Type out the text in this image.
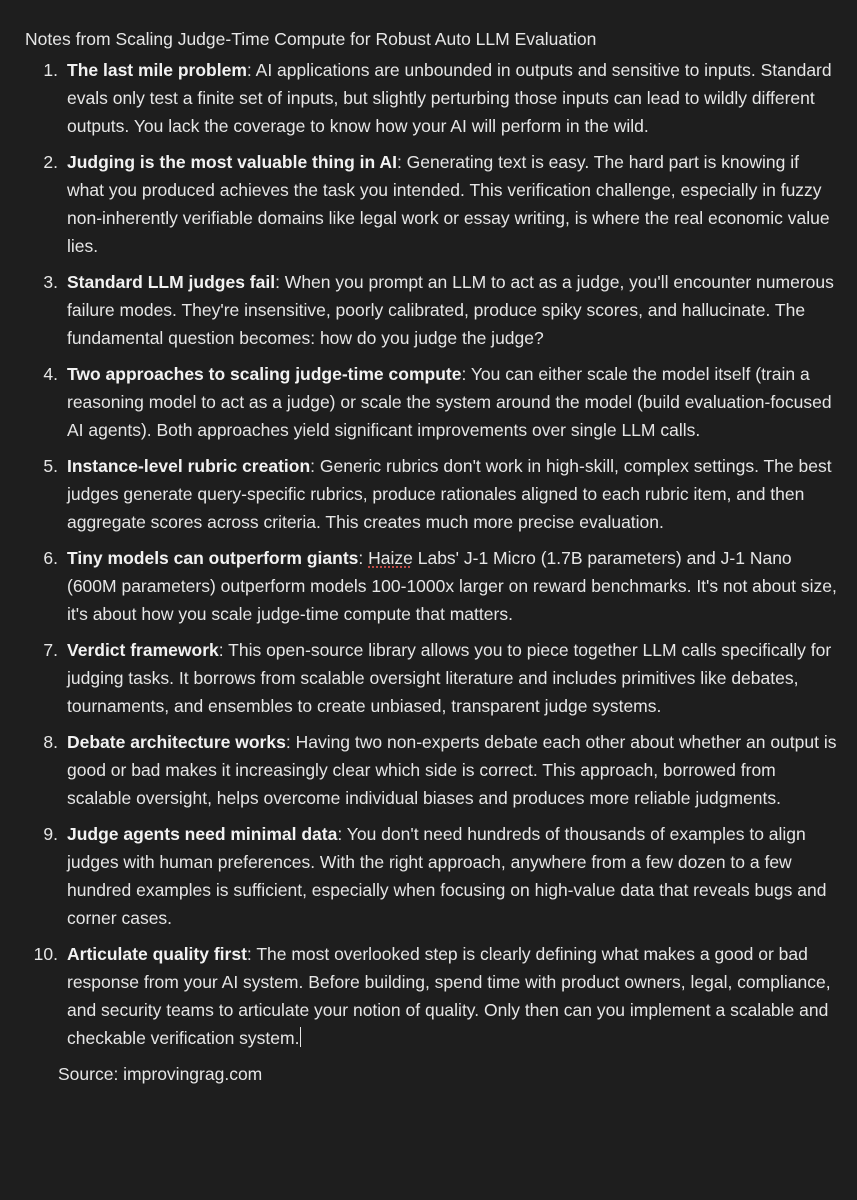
Notes from Scaling Judge-Time Compute for Robust Auto LLM Evaluation
1. The last mile problem: AI applications are unbounded in outputs and sensitive to inputs. Standard evals only test a finite set of inputs, but slightly perturbing those inputs can lead to wildly different outputs. You lack the coverage to know how your AI will perform in the wild.
2. Judging is the most valuable thing in AI: Generating text is easy. The hard part is knowing if what you produced achieves the task you intended. This verification challenge, especially in fuzzy non-inherently verifiable domains like legal work or essay writing, is where the real economic value lies.
3. Standard LLM judges fail: When you prompt an LLM to act as a judge, you'll encounter numerous failure modes. They're insensitive, poorly calibrated, produce spiky scores, and hallucinate. The fundamental question becomes: how do you judge the judge?
4. Two approaches to scaling judge-time compute: You can either scale the model itself (train a reasoning model to act as a judge) or scale the system around the model (build evaluation-focused AI agents). Both approaches yield significant improvements over single LLM calls.
5. Instance-level rubric creation: Generic rubrics don't work in high-skill, complex settings. The best judges generate query-specific rubrics, produce rationales aligned to each rubric item, and then aggregate scores across criteria. This creates much more precise evaluation.
6. Tiny models can outperform giants: Haize Labs' J-1 Micro (1.7B parameters) and J-1 Nano (600M parameters) outperform models 100-1000x larger on reward benchmarks. It's not about size, it's about how you scale judge-time compute that matters.
7. Verdict framework: This open-source library allows you to piece together LLM calls specifically for judging tasks. It borrows from scalable oversight literature and includes primitives like debates, tournaments, and ensembles to create unbiased, transparent judge systems.
8. Debate architecture works: Having two non-experts debate each other about whether an output is good or bad makes it increasingly clear which side is correct. This approach, borrowed from scalable oversight, helps overcome individual biases and produces more reliable judgments.
9. Judge agents need minimal data: You don't need hundreds of thousands of examples to align judges with human preferences. With the right approach, anywhere from a few dozen to a few hundred examples is sufficient, especially when focusing on high-value data that reveals bugs and corner cases.
10. Articulate quality first: The most overlooked step is clearly defining what makes a good or bad response from your AI system. Before building, spend time with product owners, legal, compliance, and security teams to articulate your notion of quality. Only then can you implement a scalable and checkable verification system.
Source: improvingrag.com
